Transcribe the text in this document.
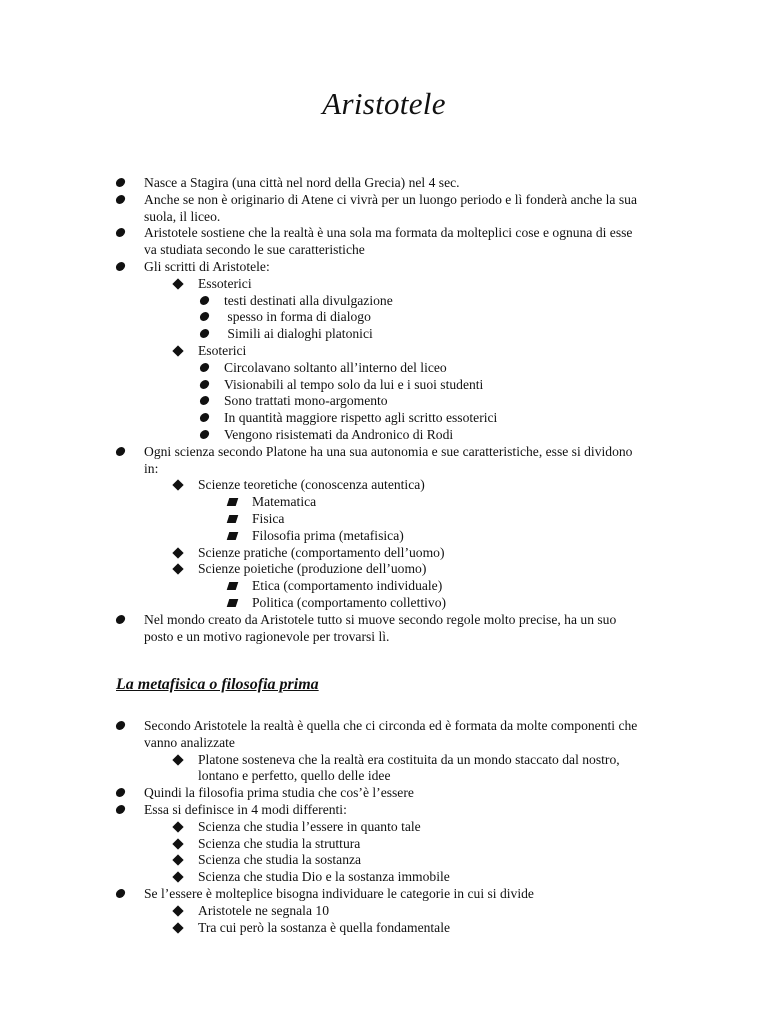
Aristotele
Nasce a Stagira (una città nel nord della Grecia) nel 4 sec.
Anche se non è originario di Atene ci vivrà per un luongo periodo e lì fonderà anche la sua suola, il liceo.
Aristotele sostiene che la realtà è una sola ma formata da molteplici cose e ognuna di esse va studiata secondo le sue caratteristiche
Gli scritti di Aristotele:
Essoterici
testi destinati alla divulgazione
spesso in forma di dialogo
Simili ai dialoghi platonici
Esoterici
Circolavano soltanto all’interno del liceo
Visionabili al tempo solo da lui e i suoi studenti
Sono trattati mono-argomento
In quantità maggiore rispetto agli scritto essoterici
Vengono risistemati da Andronico di Rodi
Ogni scienza secondo Platone ha una sua autonomia e sue caratteristiche, esse si dividono in:
Scienze teoretiche (conoscenza autentica)
Matematica
Fisica
Filosofia prima (metafisica)
Scienze pratiche (comportamento dell’uomo)
Scienze poietiche (produzione dell’uomo)
Etica (comportamento individuale)
Politica (comportamento collettivo)
Nel mondo creato da Aristotele tutto si muove secondo regole molto precise, ha un suo posto e un motivo ragionevole per trovarsi lì.
La metafisica o filosofia prima
Secondo Aristotele la realtà è quella che ci circonda ed è formata da molte componenti che vanno analizzate
Platone sosteneva che la realtà era costituita da un mondo staccato dal nostro, lontano e perfetto, quello delle idee
Quindi la filosofia prima studia che cos’è l’essere
Essa si definisce in 4 modi differenti:
Scienza che studia l’essere in quanto tale
Scienza che studia la struttura
Scienza che studia la sostanza
Scienza che studia Dio e la sostanza immobile
Se l’essere è molteplice bisogna individuare le categorie in cui si divide
Aristotele ne segnala 10
Tra cui però la sostanza è quella fondamentale
